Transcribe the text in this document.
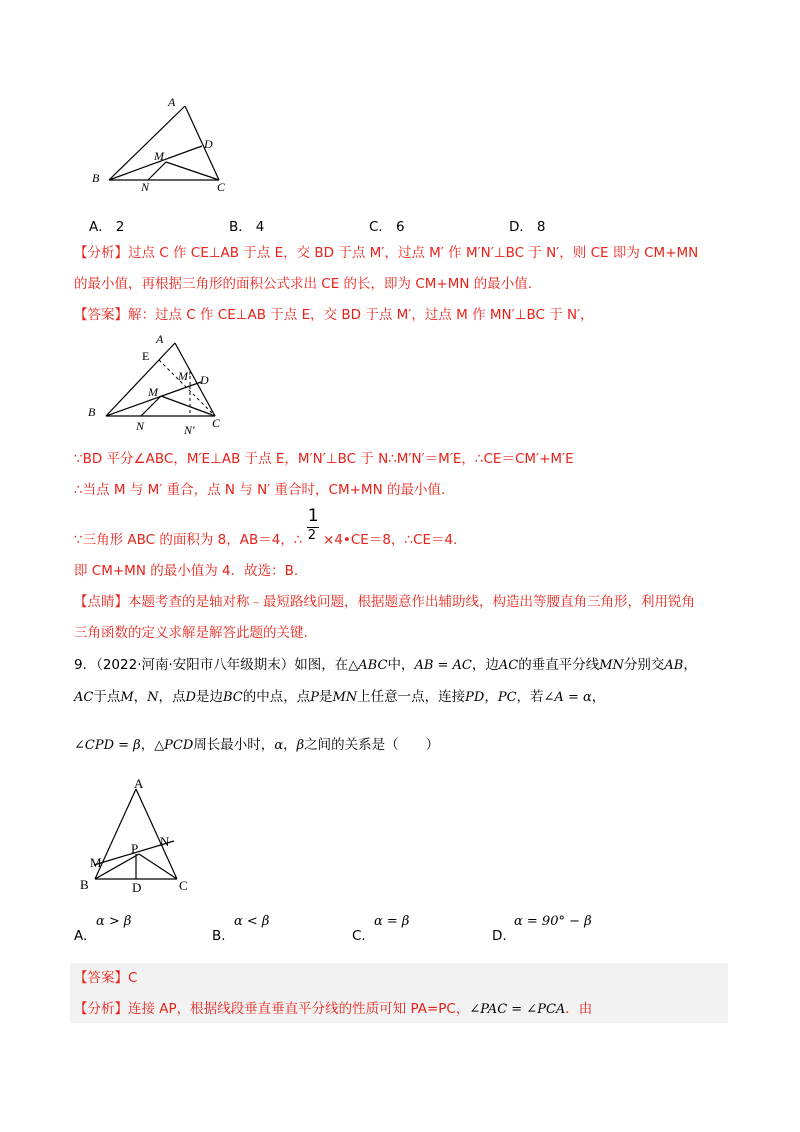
A
B
C
D
M
N
A． 2	B． 4	C． 6	D． 8
【分析】过点 C 作 CE⊥AB 于点 E，交 BD 于点 M′，过点 M′ 作 M′N′⊥BC 于 N′，则 CE 即为 CM+MN
的最小值，再根据三角形的面积公式求出 CE 的长，即为 CM+MN 的最小值.
【答案】解：过点 C 作 CE⊥AB 于点 E，交 BD 于点 M′，过点 M 作 MN′⊥BC 于 N′，
A
E
M′ D
M
B
N	N′ C
∵BD 平分∠ABC，M′E⊥AB 于点 E，M′N′⊥BC 于 N∴M′N′＝M′E，∴CE＝CM′+M′E
∴当点 M 与 M′ 重合，点 N 与 N′ 重合时，CM+MN 的最小值.
∵三角形 ABC 的面积为 8，AB＝4，∴
1
2 ×4•CE＝8，∴CE＝4.
即 CM+MN 的最小值为 4．故选：B.
【点睛】本题考查的是轴对称﹣最短路线问题，根据题意作出辅助线，构造出等腰直角三角形，利用锐角
三角函数的定义求解是解答此题的关键.
9．（2022·河南·安阳市八年级期末）如图，在△ABC中，AB = AC，边AC的垂直平分线MN分别交AB，
AC于点M，N，点D是边BC的中点，点P是MN上任意一点，连接PD，PC，若∠A = α，
∠CPD = β，△PCD周长最小时，α，β之间的关系是（　　）
A
N
M
P
B	D	C
A.
α > β
B.
α < β
C.
α = β
D.
α = 90° − β
【答案】C
【分析】连接 AP，根据线段垂直垂直平分线的性质可知 PA=PC，∠PAC = ∠PCA．由
